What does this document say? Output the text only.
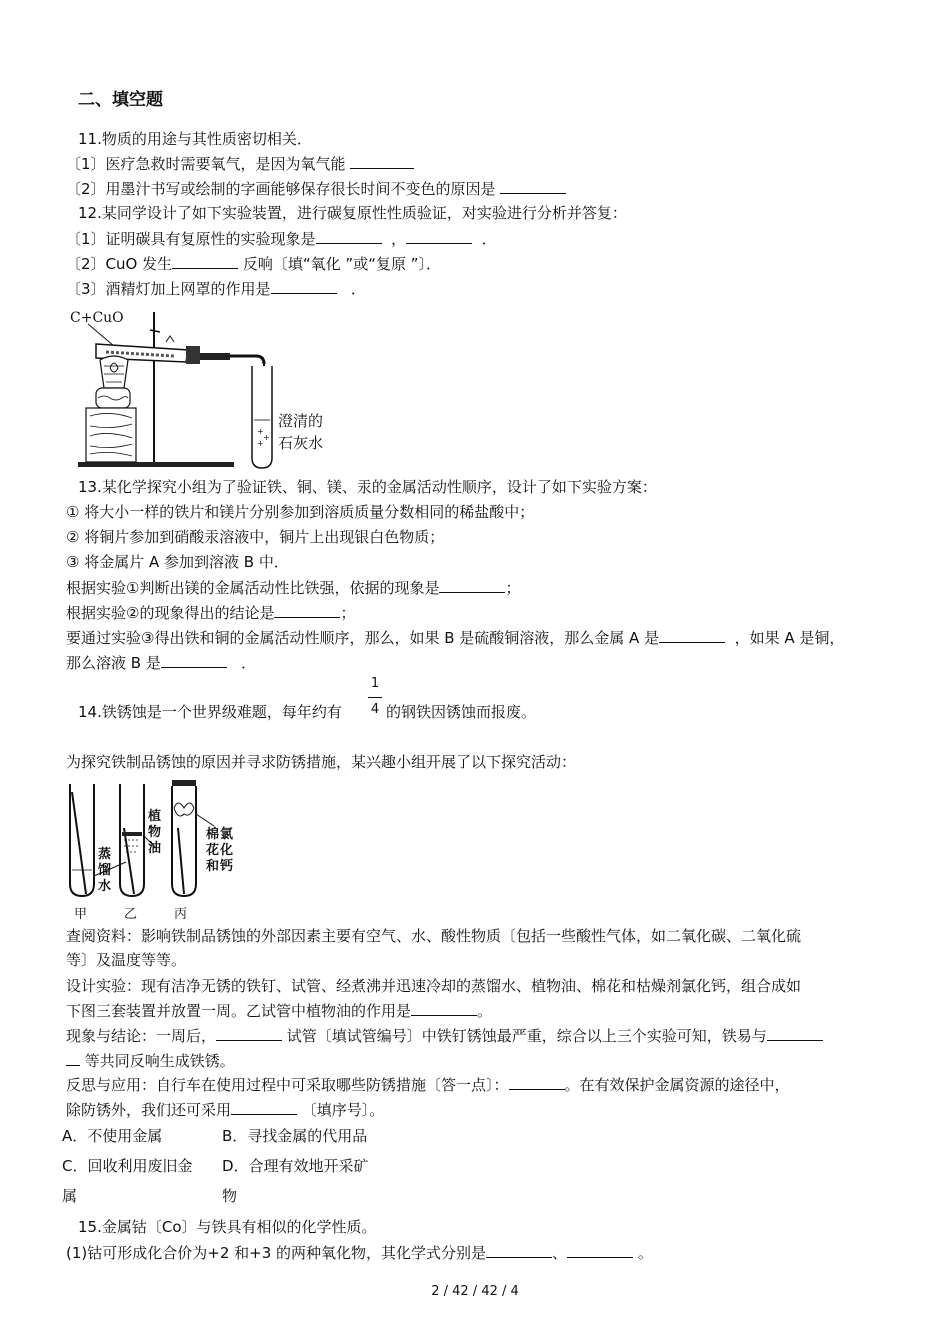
二、填空题
11.物质的用途与其性质密切相关．
〔1〕医疗急救时需要氧气，是因为氧气能
〔2〕用墨汁书写或绘制的字画能够保存很长时间不变色的原因是
12.某同学设计了如下实验装置，进行碳复原性性质验证，对实验进行分析并答复：
〔1〕证明碳具有复原性的实验现象是	，	．
〔2〕CuO 发生	反响〔填“氧化 ”或“复原 ”〕．
〔3〕酒精灯加上网罩的作用是	．
C+CuO
+
+
+
澄清的
石灰水
13.某化学探究小组为了验证铁、铜、镁、汞的金属活动性顺序，设计了如下实验方案：
① 将大小一样的铁片和镁片分别参加到溶质质量分数相同的稀盐酸中；
② 将铜片参加到硝酸汞溶液中，铜片上出现银白色物质；
③ 将金属片 A 参加到溶液 B 中．
根据实验①判断出镁的金属活动性比铁强，依据的现象是	；
根据实验②的现象得出的结论是	；
要通过实验③得出铁和铜的金属活动性顺序，那么，如果 B 是硫酸铜溶液，那么金属 A 是	，如果 A 是铜，
那么溶液 B 是	．
14.铁锈蚀是一个世界级难题，每年约有
1
4 的钢铁因锈蚀而报废。
为探究铁制品锈蚀的原因并寻求防锈措施，某兴趣小组开展了以下探究活动：
蒸馏水
植物油
棉花和氯化钙
甲	乙	丙
查阅资料：影响铁制品锈蚀的外部因素主要有空气、水、酸性物质〔包括一些酸性气体，如二氧化碳、二氧化硫
等〕及温度等等。
设计实验：现有洁净无锈的铁钉、试管、经煮沸并迅速冷却的蒸馏水、植物油、棉花和枯燥剂氯化钙，组合成如
下图三套装置并放置一周。乙试管中植物油的作用是	。
现象与结论：一周后，	试管〔填试管编号〕中铁钉锈蚀最严重，综合以上三个实验可知，铁易与
等共同反响生成铁锈。
反思与应用：自行车在使用过程中可采取哪些防锈措施〔答一点〕：	。在有效保护金属资源的途径中，
除防锈外，我们还可采用	〔填序号〕。
A．不使用金属	B．寻找金属的代用品
C．回收利用废旧金 D．合理有效地开采矿
属	物
15.金属钴〔Co〕与铁具有相似的化学性质。
(1)钴可形成化合价为+2 和+3 的两种氧化物，其化学式分别是	、	。
2 / 42 / 42 / 4
